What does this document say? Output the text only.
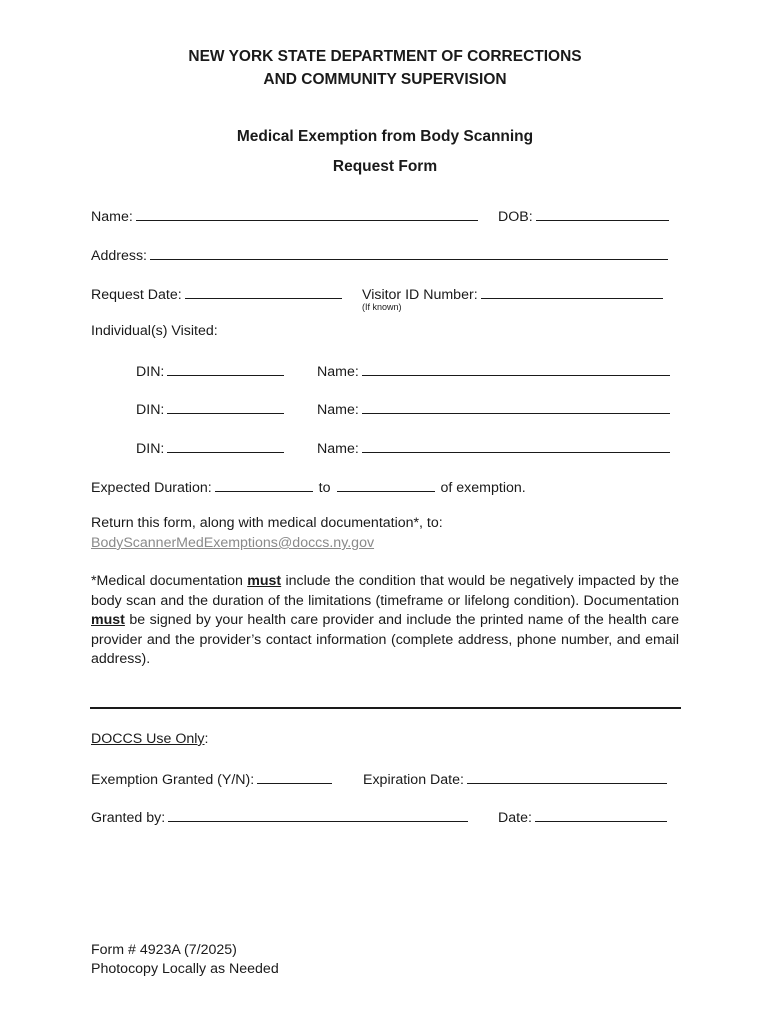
NEW YORK STATE DEPARTMENT OF CORRECTIONS
AND COMMUNITY SUPERVISION
Medical Exemption from Body Scanning
Request Form
Name:	DOB:
Address:
Request Date:	Visitor ID Number:
(If known)
Individual(s) Visited:
DIN:	Name:
DIN:	Name:
DIN:	Name:
Expected Duration:	to	of exemption.
Return this form, along with medical documentation*, to:
BodyScannerMedExemptions@doccs.ny.gov
*Medical documentation must include the condition that would be negatively impacted by the body scan and the duration of the limitations (timeframe or lifelong condition). Documentation must be signed by your health care provider and include the printed name of the health care provider and the provider’s contact information (complete address, phone number, and email address).
DOCCS Use Only:
Exemption Granted (Y/N):	Expiration Date:
Granted by:	Date:
Form # 4923A (7/2025)
Photocopy Locally as Needed
